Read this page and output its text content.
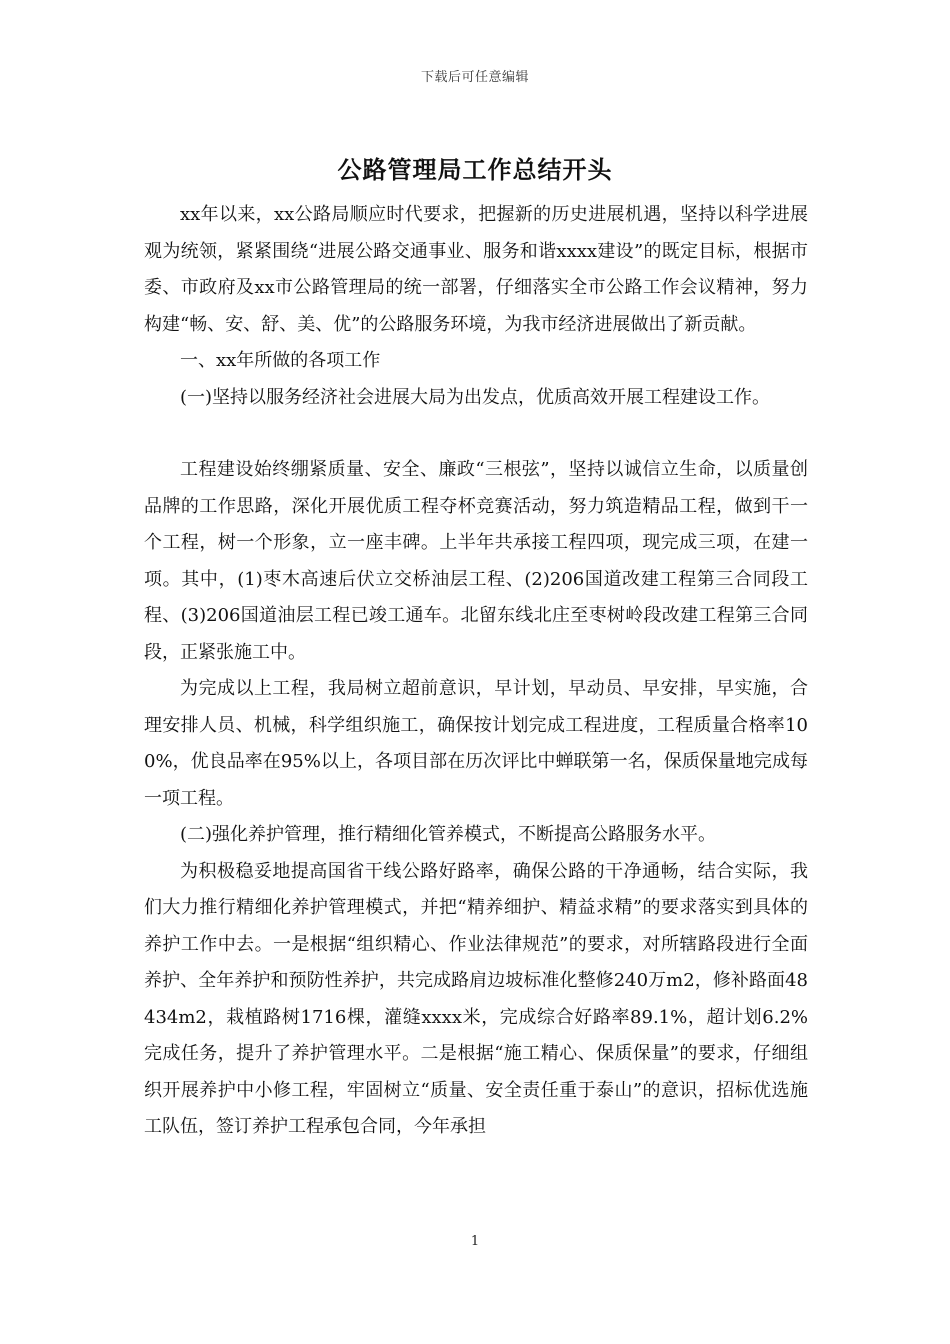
下载后可任意编辑
公路管理局工作总结开头

xx年以来，xx公路局顺应时代要求，把握新的历史进展机遇，坚持以科学进展观为统领，紧紧围绕“进展公路交通事业、服务和谐xxxx建设”的既定目标，根据市委、市政府及xx市公路管理局的统一部署，仔细落实全市公路工作会议精神，努力构建“畅、安、舒、美、优”的公路服务环境，为我市经济进展做出了新贡献。

一、xx年所做的各项工作

(一)坚持以服务经济社会进展大局为出发点，优质高效开展工程建设工作。

工程建设始终绷紧质量、安全、廉政“三根弦”，坚持以诚信立生命，以质量创品牌的工作思路，深化开展优质工程夺杯竞赛活动，努力筑造精品工程，做到干一个工程，树一个形象，立一座丰碑。上半年共承接工程四项，现完成三项，在建一项。其中，(1)枣木高速后伏立交桥油层工程、(2)206国道改建工程第三合同段工程、(3)206国道油层工程已竣工通车。北留东线北庄至枣树岭段改建工程第三合同段，正紧张施工中。

为完成以上工程，我局树立超前意识，早计划，早动员、早安排，早实施，合理安排人员、机械，科学组织施工，确保按计划完成工程进度，工程质量合格率100%，优良品率在95%以上，各项目部在历次评比中蝉联第一名，保质保量地完成每一项工程。

(二)强化养护管理，推行精细化管养模式，不断提高公路服务水平。

为积极稳妥地提高国省干线公路好路率，确保公路的干净通畅，结合实际，我们大力推行精细化养护管理模式，并把“精养细护、精益求精”的要求落实到具体的养护工作中去。一是根据“组织精心、作业法律规范”的要求，对所辖路段进行全面养护、全年养护和预防性养护，共完成路肩边坡标准化整修240万m2，修补路面48434m2，栽植路树1716棵，灌缝xxxx米，完成综合好路率89.1%，超计划6.2%完成任务，提升了养护管理水平。二是根据“施工精心、保质保量”的要求，仔细组织开展养护中小修工程，牢固树立“质量、安全责任重于泰山”的意识，招标优选施工队伍，签订养护工程承包合同，今年承担

1
